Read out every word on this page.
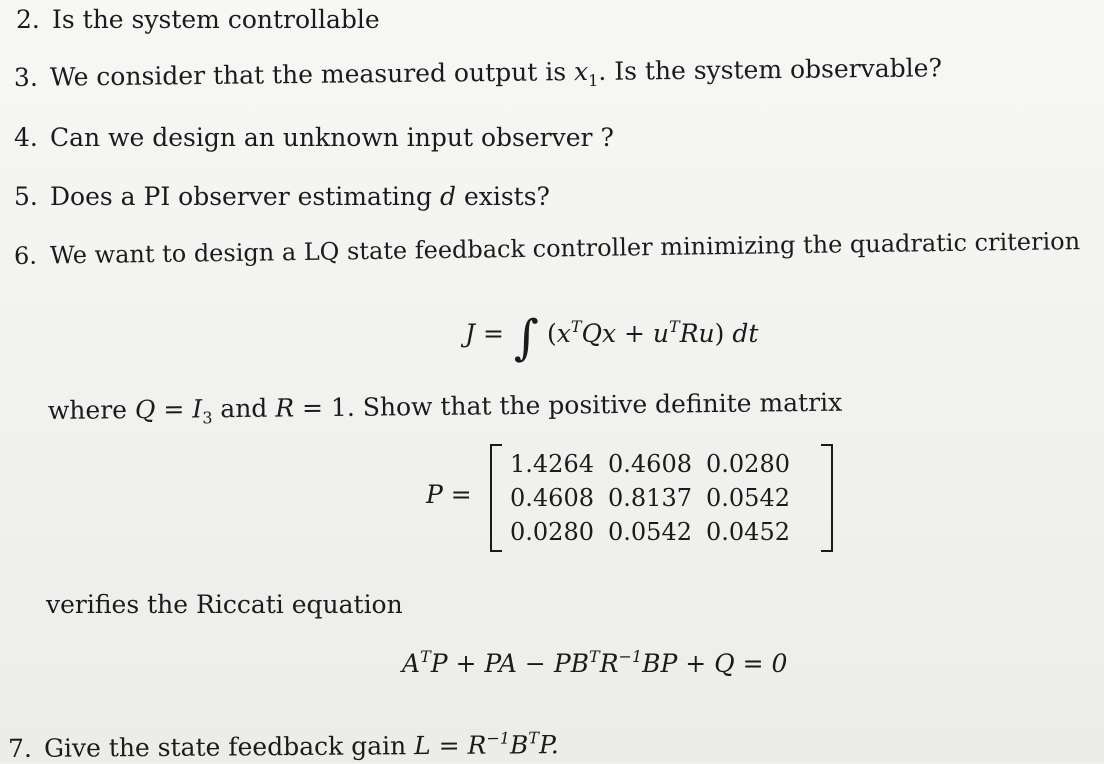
2. Is the system controllable
3. We consider that the measured output is $x_1$. Is the system observable?
4. Can we design an unknown input observer ?
5. Does a PI observer estimating d exists?
6. We want to design a LQ state feedback controller minimizing the quadratic criterion
J = ∫ $(x^TQx + u^TRu)$ dt
where $Q = I_3$ and R = 1. Show that the positive definite matrix
P =
1.4264 0.4608 0.0280
0.4608 0.8137 0.0542
0.0280 0.0542 0.0452
verifies the Riccati equation
$A^TP$ + PA − $PB^TR^{-1}BP + Q = 0$
7. Give the state feedback gain $L = R^{-1}B^TP$.
